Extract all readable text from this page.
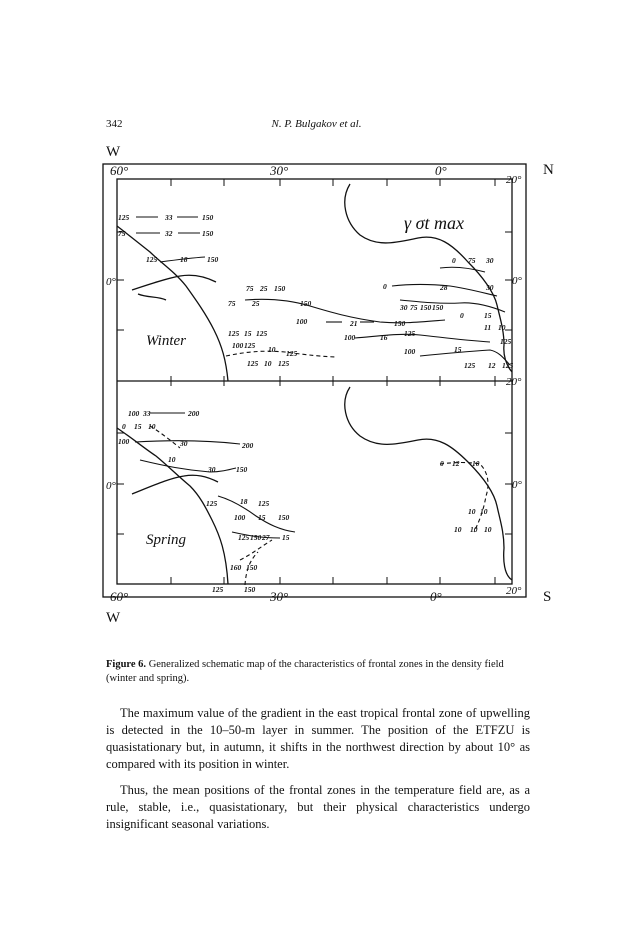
342	N. P. Bulgakov et al.
W
N
S
W
60°	30°	0°
60°	30°	0°
20°
0°
20°
0°
20°
0°
0°
Winter
Spring
γ σt max
125	33	150
75	32	150
125	18	150
75 25 150
75 25	150
100	21	150
125 15 125	100	16 125
100 125 10 125
125 10 125
0	28	30
30 150
75 150
0
11 10
15
125
100	15
125 12 125
0 75 30
100 33	200
0 15 10
100	30	200
10
30	150
125	18 125
100 15 150
125 27 15
150
160 150
125	150
0 12 10
10 10
10 10 10
Figure 6. Generalized schematic map of the characteristics of frontal zones in the density field (winter and spring).

The maximum value of the gradient in the east tropical frontal zone of upwelling is detected in the 10–50-m layer in summer. The position of the ETFZU is quasistationary but, in autumn, it shifts in the northwest direction by about 10° as compared with its position in winter.

Thus, the mean positions of the frontal zones in the temperature field are, as a rule, stable, i.e., quasistationary, but their physical characteristics undergo insignificant seasonal variations.
